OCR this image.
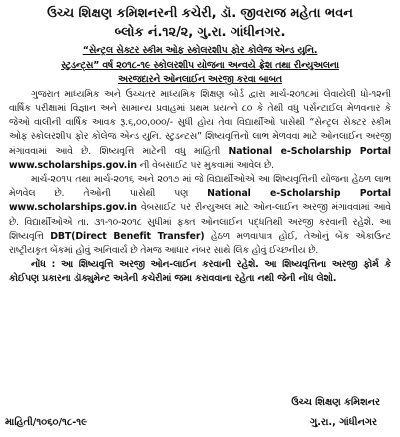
ઉચ્ચ શિક્ષણ કમિશનરની કચેરી, ડૉ. જીવરાજ મહેતા ભવન
બ્લોક નં.૧૨/૨, ગુ.રા. ગાંધીનગર.
“સેન્ટ્રલ સેક્ટર સ્કીમ ઓફ સ્કોલરશીપ ફોર કોલેજ એન્ડ યુનિ.
સ્ટુડન્ટ્સ” વર્ષ ૨૦૧૮-૧૯ સ્કોલરશીપ યોજના અન્વયે ફ્રેશ તથા રીન્યુઅલના
અરજદારને ઓનલાઈન અરજી કરવા બાબત

ગુજરાત માધ્યમિક અને ઉચ્ચતર માધ્યમિક શિક્ષણ બોર્ડ દ્વારા માર્ચ-૨૦૧૮માં લેવાયેલી ધો-૧૨ની વાર્ષિક પરીક્ષામાં વિજ્ઞાન અને સામાન્ય પ્રવાહમાં પ્રથમ પ્રયત્ને ૮૦ કે તેથી વધુ પર્સન્ટાઈલ મેળવનાર કે જેઓ વાલીની વાર્ષિક આવક રૂ.૬,૦૦,૦૦૦/- સુધી હોય તેવા વિદ્યાર્થીઓ પાસેથી “સેન્ટ્રલ સેક્ટર સ્કીમ ઓફ સ્કોલરશીપ ફોર કોલેજ એન્ડ યુનિ. સ્ટુડન્ટસ” શિષ્યવૃત્તિનો લાભ મેળવવા માટે ઓનલાઈન અરજી મંગાવવામાં આવે છે. શિષ્યવૃત્તિ માટેની વધુ માહિતી National e-Scholarship Portal www.scholarships.gov.in ની વેબસાઈટ પર મુકવામાં આવેલ છે.

માર્ચ-૨૦૧૫ તથા માર્ચ-૨૦૧૬ અને ૨૦૧૭ માં જે વિદ્યાર્થીઓએ આ શિષ્યવૃત્તિની યોજના હેઠળ લાભ મેળવેલ છે. તેઓની પાસેથી પણ National e-Scholarship Portal www.scholarships.gov.in વેબસાઈટ પર રીન્યુઅલ માટે ઓન-લાઈન અરજી મંગાવવામાં આવે છે. વિદ્યાર્થીઓએ તા. ૩૧-૧૦-૨૦૧૮ સુધીમાં ફક્ત ઓનલાઈન પદ્ધતિથી અરજી કરવાની રહેશે. આ શિષ્યવૃત્તિ DBT(Direct Benefit Transfer) હેઠળ મળવાપાત્ર હોઈ, તેઓનું બેંક એકાઉન્ટ રાષ્ટ્રીયકૃત બેંકમાં હોવું અનિવાર્ય છે તેમજ આધાર નંબર સાથે લિંક હોવું ઈચ્છનીય છે.

નોંધ : આ શિષ્યવૃત્તિ અરજી ઓન-લાઈન કરવાની રહેશે. આ શિષ્યવૃત્તિના અરજી ફોર્મ કે કોઈપણ પ્રકારના ડૉક્યુમેન્ટ અત્રેની કચેરીમાં જમા કરાવવાના રહેતા નથી જેની નોંધ લેશો.

ઉચ્ચ શિક્ષણ કમિશનર
માહિતી/૧૦૬૦/૧૮-૧૯	ગુ.રા., ગાંધીનગર
